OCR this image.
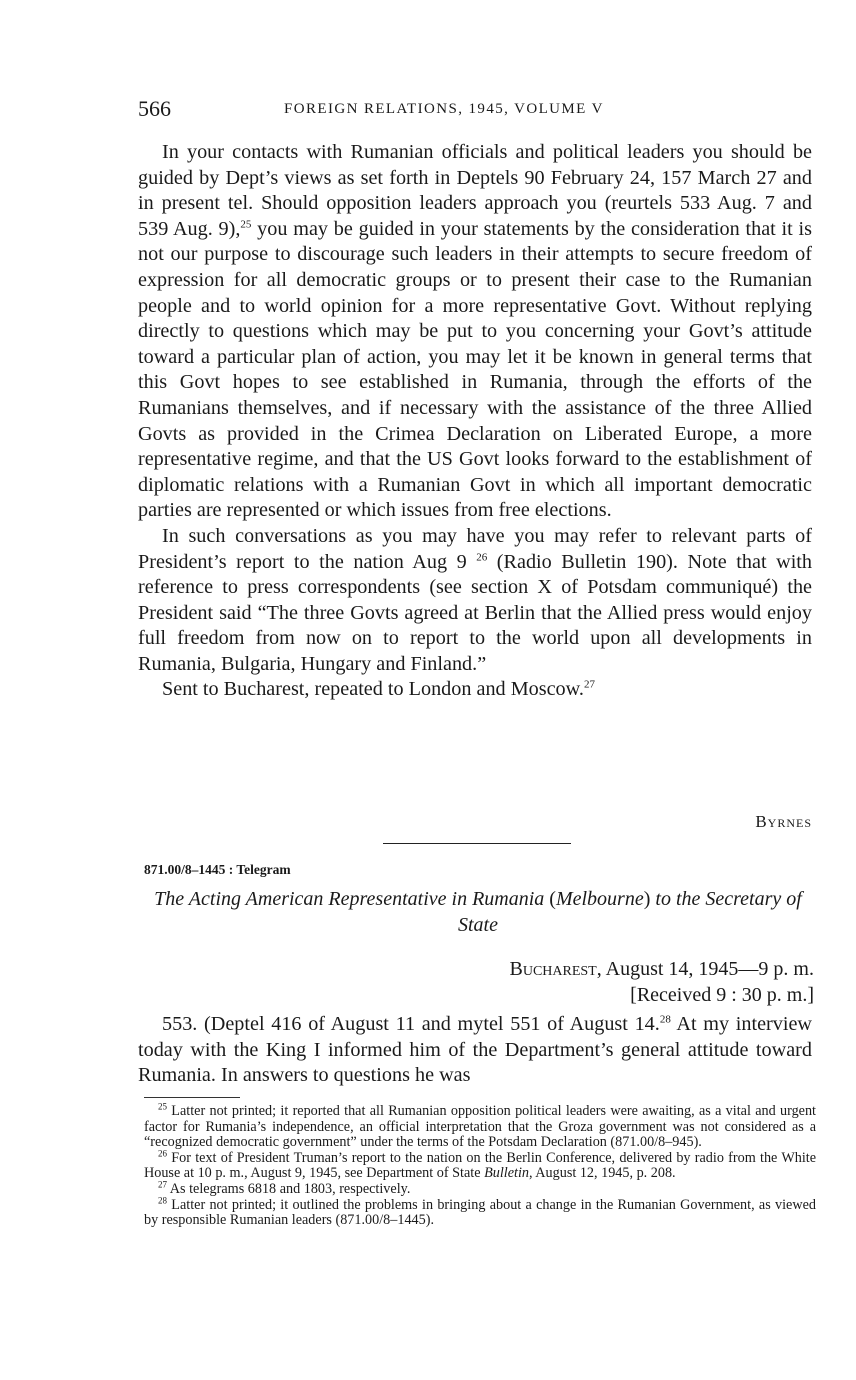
566	FOREIGN RELATIONS, 1945, VOLUME V

In your contacts with Rumanian officials and political leaders you should be guided by Dept’s views as set forth in Deptels 90 February 24, 157 March 27 and in present tel. Should opposition leaders approach you (reurtels 533 Aug. 7 and 539 Aug. 9),$^{25}$ you may be guided in your statements by the consideration that it is not our purpose to discourage such leaders in their attempts to secure freedom of expression for all democratic groups or to present their case to the Rumanian people and to world opinion for a more representative Govt. Without replying directly to questions which may be put to you concerning your Govt’s attitude toward a particular plan of action, you may let it be known in general terms that this Govt hopes to see established in Rumania, through the efforts of the Rumanians themselves, and if necessary with the assistance of the three Allied Govts as provided in the Crimea Declaration on Liberated Europe, a more representative regime, and that the US Govt looks forward to the establishment of diplomatic relations with a Rumanian Govt in which all important democratic parties are represented or which issues from free elections.

In such conversations as you may have you may refer to relevant parts of President’s report to the nation Aug 9 $^{26}$ (Radio Bulletin 190). Note that with reference to press correspondents (see section X of Potsdam communiqué) the President said “The three Govts agreed at Berlin that the Allied press would enjoy full freedom from now on to report to the world upon all developments in Rumania, Bulgaria, Hungary and Finland.”

Sent to Bucharest, repeated to London and Moscow.$^{27}$

Byrnes
871.00/8–1445 : Telegram
The Acting American Representative in Rumania (Melbourne) to the Secretary of State
Bucharest, August 14, 1945—9 p. m.
[Received 9 : 30 p. m.]

553. (Deptel 416 of August 11 and mytel 551 of August 14.28 At my interview today with the King I informed him of the Department’s general attitude toward Rumania. In answers to questions he was

$^{25}$ Latter not printed; it reported that all Rumanian opposition political leaders were awaiting, as a vital and urgent factor for Rumania’s independence, an official interpretation that the Groza government was not considered as a “recognized democratic government” under the terms of the Potsdam Declaration (871.00/8–945).

$^{26}$ For text of President Truman’s report to the nation on the Berlin Conference, delivered by radio from the White House at 10 p. m., August 9, 1945, see Department of State Bulletin, August 12, 1945, p. 208.

$^{27}$ As telegrams 6818 and 1803, respectively.

$^{28}$ Latter not printed; it outlined the problems in bringing about a change in the Rumanian Government, as viewed by responsible Rumanian leaders (871.00/8–1445).
